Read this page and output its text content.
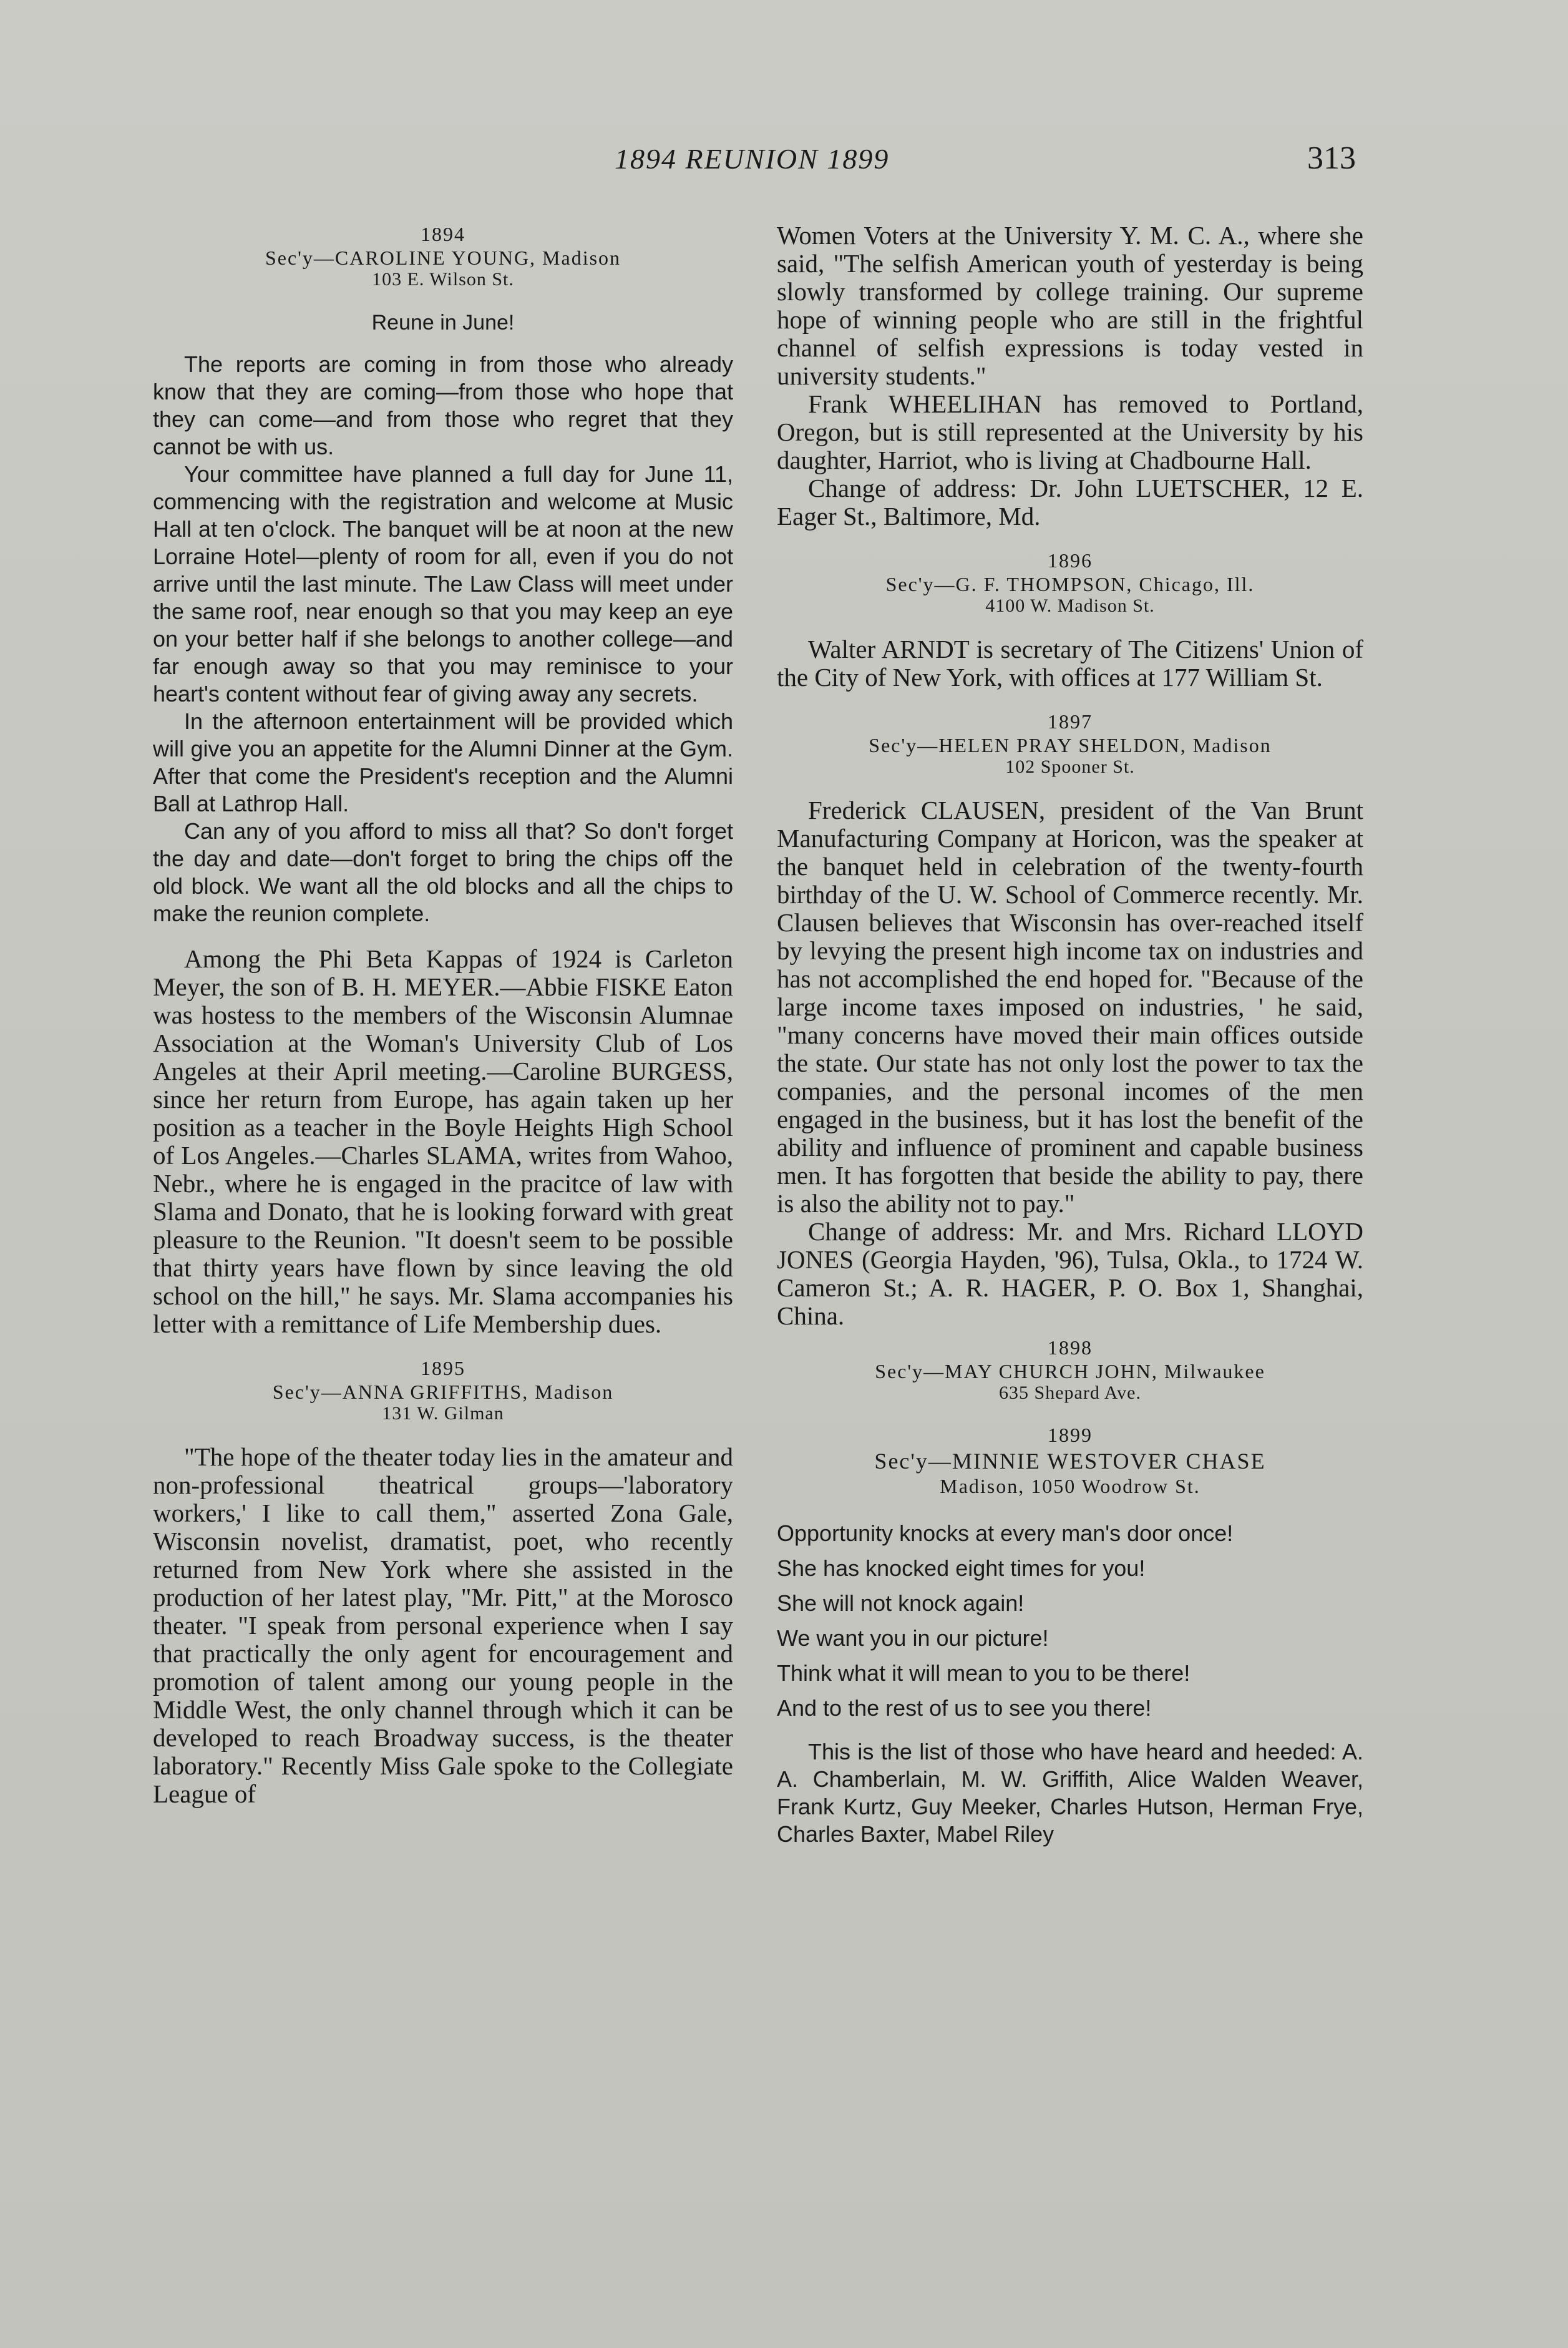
1894 REUNION 1899	313
1894
Sec'y—CAROLINE YOUNG, Madison
103 E. Wilson St.
Reune in June!

The reports are coming in from those who already know that they are coming—from those who hope that they can come—and from those who regret that they cannot be with us.

Your committee have planned a full day for June 11, commencing with the registration and welcome at Music Hall at ten o'clock. The banquet will be at noon at the new Lorraine Hotel—plenty of room for all, even if you do not arrive until the last minute. The Law Class will meet under the same roof, near enough so that you may keep an eye on your better half if she belongs to another college—and far enough away so that you may reminisce to your heart's content without fear of giving away any secrets.

In the afternoon entertainment will be provided which will give you an appetite for the Alumni Dinner at the Gym. After that come the President's reception and the Alumni Ball at Lathrop Hall.

Can any of you afford to miss all that? So don't forget the day and date—don't forget to bring the chips off the old block. We want all the old blocks and all the chips to make the reunion complete.

Among the Phi Beta Kappas of 1924 is Carleton Meyer, the son of B. H. MEYER.—Abbie FISKE Eaton was hostess to the members of the Wisconsin Alumnae Association at the Woman's University Club of Los Angeles at their April meeting.—Caroline BURGESS, since her return from Europe, has again taken up her position as a teacher in the Boyle Heights High School of Los Angeles.—Charles SLAMA, writes from Wahoo, Nebr., where he is engaged in the pracitce of law with Slama and Donato, that he is looking forward with great pleasure to the Reunion. "It doesn't seem to be possible that thirty years have flown by since leaving the old school on the hill," he says. Mr. Slama accompanies his letter with a remittance of Life Membership dues.

1895
Sec'y—ANNA GRIFFITHS, Madison
131 W. Gilman

"The hope of the theater today lies in the amateur and non-professional theatrical groups—'laboratory workers,' I like to call them," asserted Zona Gale, Wisconsin novelist, dramatist, poet, who recently returned from New York where she assisted in the production of her latest play, "Mr. Pitt," at the Morosco theater. "I speak from personal experience when I say that practically the only agent for encouragement and promotion of talent among our young people in the Middle West, the only channel through which it can be developed to reach Broadway success, is the theater laboratory." Recently Miss Gale spoke to the Collegiate League of

Women Voters at the University Y. M. C. A., where she said, "The selfish American youth of yesterday is being slowly transformed by college training. Our supreme hope of winning people who are still in the frightful channel of selfish expressions is today vested in university students."

Frank WHEELIHAN has removed to Portland, Oregon, but is still represented at the University by his daughter, Harriot, who is living at Chadbourne Hall.

Change of address: Dr. John LUETSCHER, 12 E. Eager St., Baltimore, Md.

1896
Sec'y—G. F. THOMPSON, Chicago, Ill.
4100 W. Madison St.

Walter ARNDT is secretary of The Citizens' Union of the City of New York, with offices at 177 William St.

1897
Sec'y—HELEN PRAY SHELDON, Madison
102 Spooner St.

Frederick CLAUSEN, president of the Van Brunt Manufacturing Company at Horicon, was the speaker at the banquet held in celebration of the twenty-fourth birthday of the U. W. School of Commerce recently. Mr. Clausen believes that Wisconsin has over-reached itself by levying the present high income tax on industries and has not accomplished the end hoped for. "Because of the large income taxes imposed on industries, ' he said, "many concerns have moved their main offices outside the state. Our state has not only lost the power to tax the companies, and the personal incomes of the men engaged in the business, but it has lost the benefit of the ability and influence of prominent and capable business men. It has forgotten that beside the ability to pay, there is also the ability not to pay."

Change of address: Mr. and Mrs. Richard LLOYD JONES (Georgia Hayden, '96), Tulsa, Okla., to 1724 W. Cameron St.; A. R. HAGER, P. O. Box 1, Shanghai, China.

1898
Sec'y—MAY CHURCH JOHN, Milwaukee
635 Shepard Ave.
1899
Sec'y—MINNIE WESTOVER CHASE
Madison, 1050 Woodrow St.
Opportunity knocks at every man's door once!
She has knocked eight times for you!
She will not knock again!
We want you in our picture!
Think what it will mean to you to be there!
And to the rest of us to see you there!

This is the list of those who have heard and heeded: A. A. Chamberlain, M. W. Griffith, Alice Walden Weaver, Frank Kurtz, Guy Meeker, Charles Hutson, Herman Frye, Charles Baxter, Mabel Riley
